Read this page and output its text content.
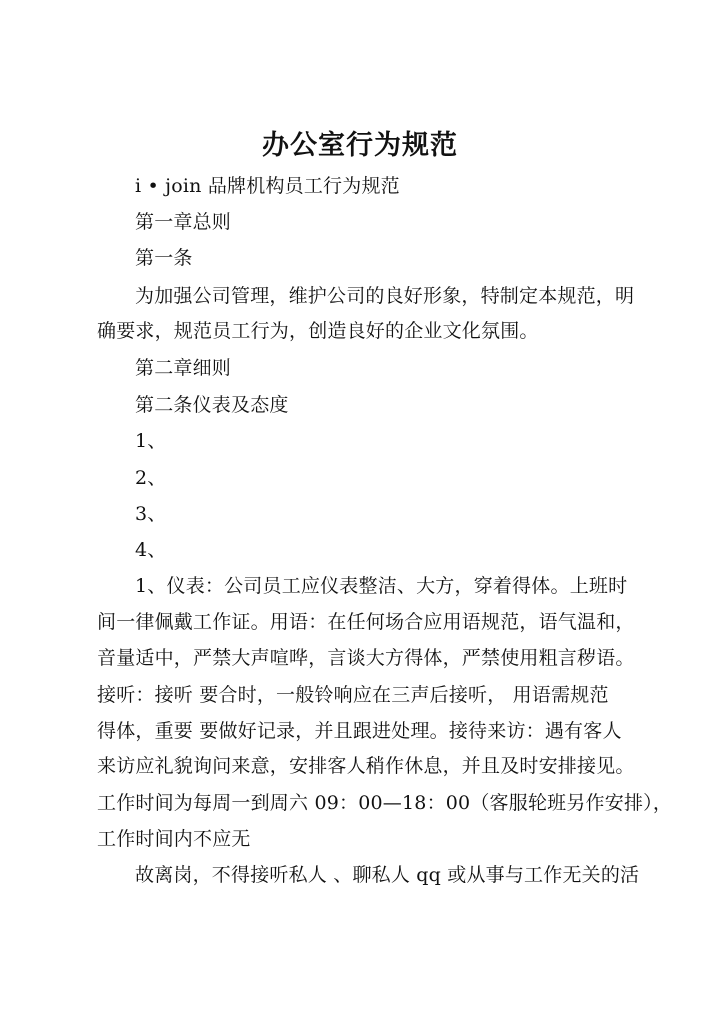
办公室行为规范
i • join 品牌机构员工行为规范
第一章总则
第一条
为加强公司管理，维护公司的良好形象，特制定本规范，明
确要求，规范员工行为，创造良好的企业文化氛围。
第二章细则
第二条仪表及态度
1、
2、
3、
4、
1、仪表：公司员工应仪表整洁、大方，穿着得体。上班时
间一律佩戴工作证。用语：在任何场合应用语规范，语气温和，
音量适中，严禁大声喧哗，言谈大方得体，严禁使用粗言秽语。
接听：接听 要合时，一般铃响应在三声后接听， 用语需规范
得体，重要 要做好记录，并且跟进处理。接待来访：遇有客人
来访应礼貌询问来意，安排客人稍作休息，并且及时安排接见。
工作时间为每周一到周六 09：00—18：00（客服轮班另作安排），
工作时间内不应无
故离岗，不得接听私人 、聊私人 qq 或从事与工作无关的活
